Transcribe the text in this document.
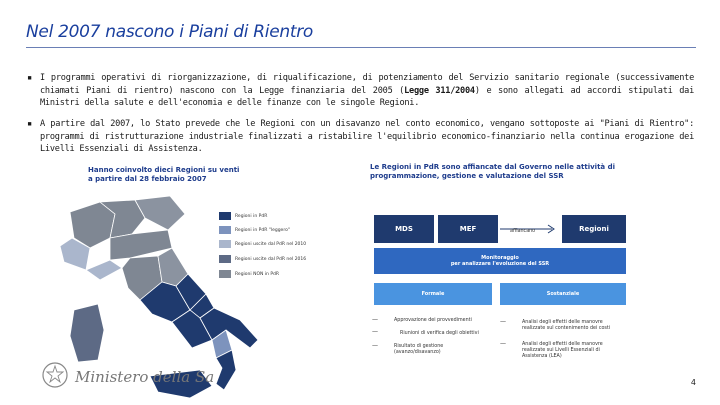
Nel 2007 nascono i Piani di Rientro
▪ I programmi operativi di riorganizzazione, di riqualificazione, di potenziamento del Servizio sanitario regionale (successivamente chiamati Piani di rientro) nascono con la Legge finanziaria del 2005 (Legge 311/2004) e sono allegati ad accordi stipulati dai Ministri della salute e dell'economia e delle finanze con le singole Regioni.
▪ A partire dal 2007, lo Stato prevede che le Regioni con un disavanzo nel conto economico, vengano sottoposte ai "Piani di Rientro": programmi di ristrutturazione industriale finalizzati a ristabilire l'equilibrio economico-finanziario nella continua erogazione dei Livelli Essenziali di Assistenza.
Hanno coinvolto dieci Regioni su venti
a partire dal 28 febbraio 2007
Regioni in PdR
Regioni in PdR "leggero"
Regioni uscite dal PdR nel 2010
Regioni uscite dal PdR nel 2016
Regioni NON in PdR
Le Regioni in PdR sono affiancate dal Governo nelle attività di
programmazione, gestione e valutazione del SSR
MDS	MEF	affiancano	Regioni
Monitoraggio
per analizzare l'evoluzione del SSR
Formale	Sostanziale
—	Approvazione dei provvedimenti
—	Riunioni di verifica degli obiettivi
—	Risultato di gestione (avanzo/disavanzo)
—	Analisi degli effetti delle manovre realizzate sul contenimento dei costi
—	Analisi degli effetti delle manovre realizzate sui Livelli Essenziali di Assistenza (LEA)
Ministero della Sa	4
